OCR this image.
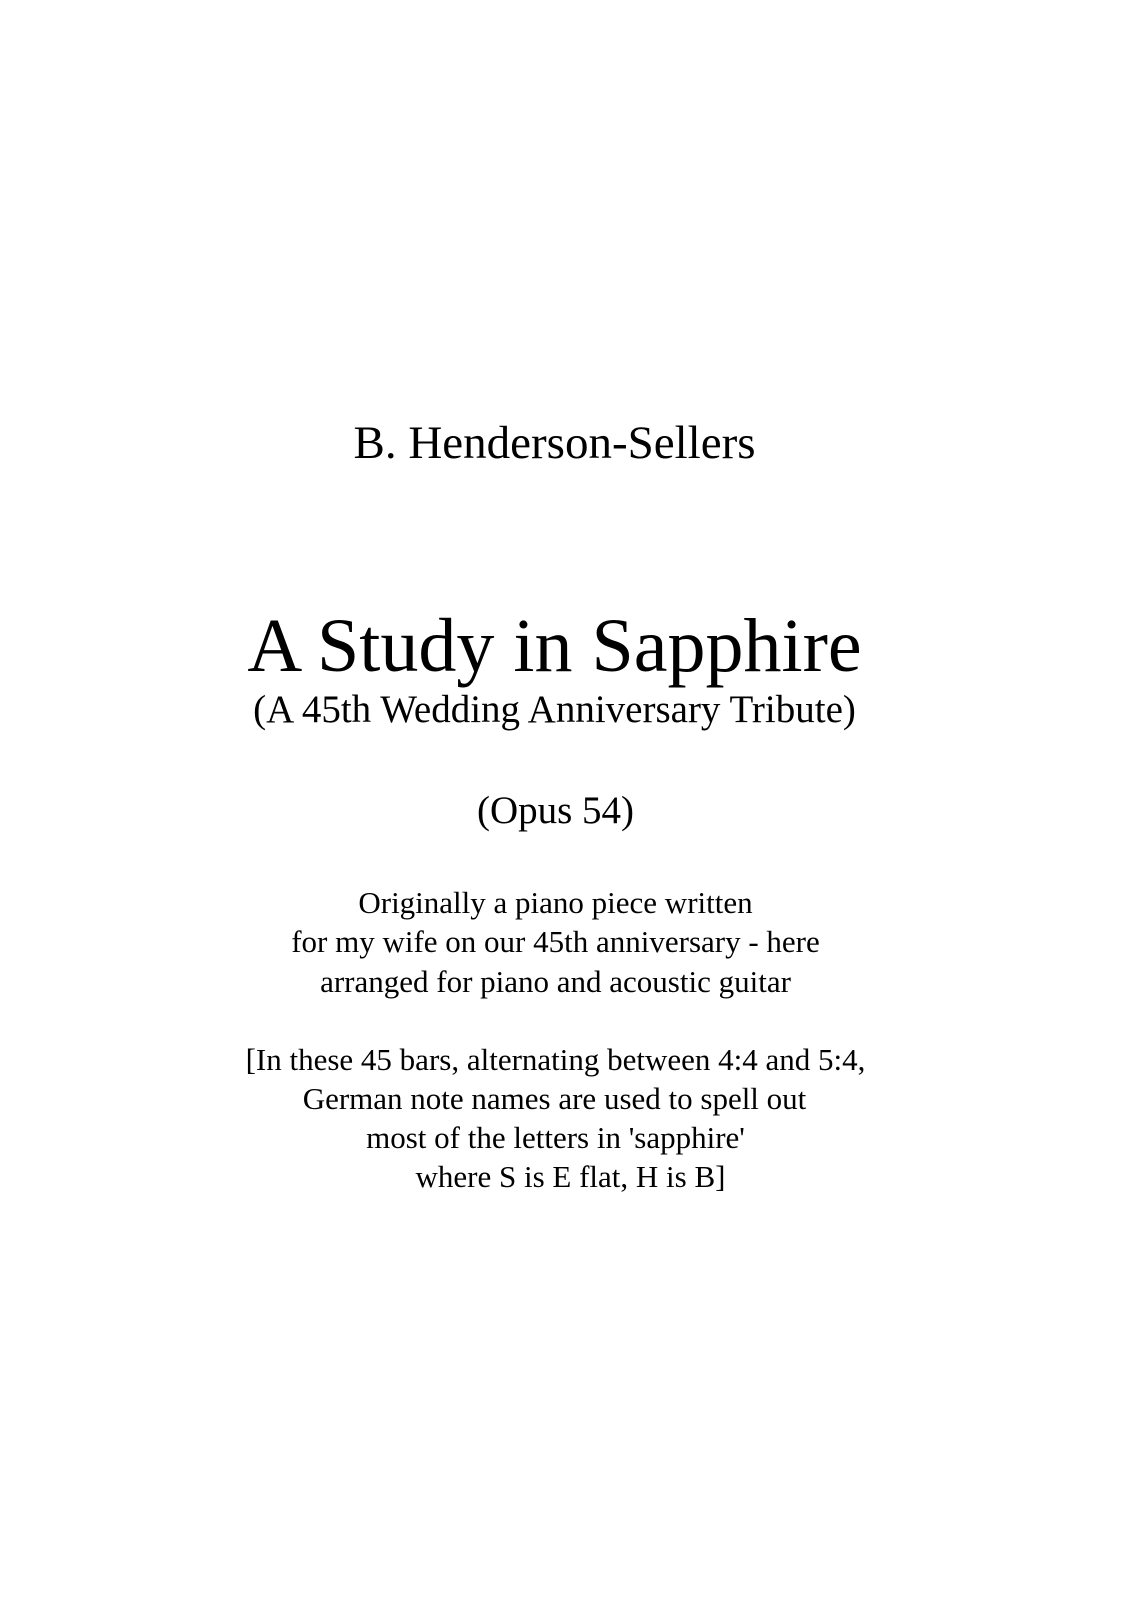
B. Henderson-Sellers
A Study in Sapphire
(A 45th Wedding Anniversary Tribute)
(Opus 54)
Originally a piano piece written
for my wife on our 45th anniversary - here
arranged for piano and acoustic guitar
[In these 45 bars, alternating between 4:4 and 5:4,
German note names are used to spell out
most of the letters in 'sapphire'
where S is E flat, H is B]
